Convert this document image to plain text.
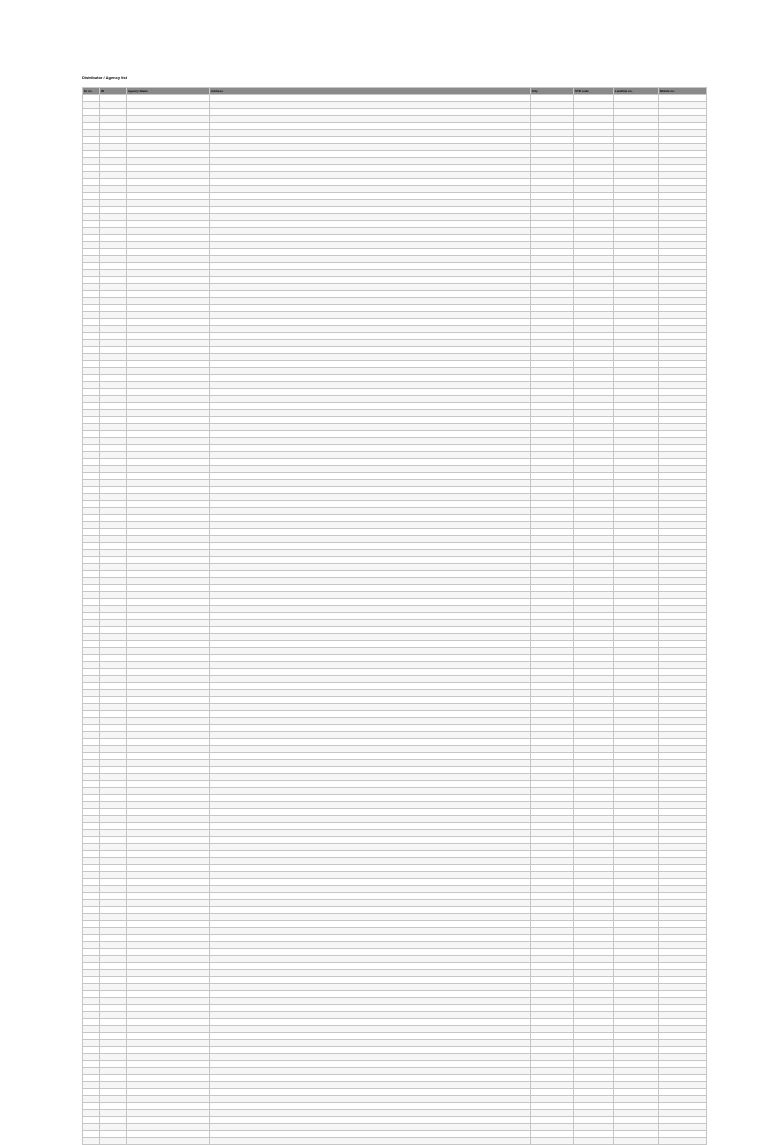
Distributor / Agency list
Sr no	ID	Agency Name	Address	City	STD code	Landline no.	Mobile no.
